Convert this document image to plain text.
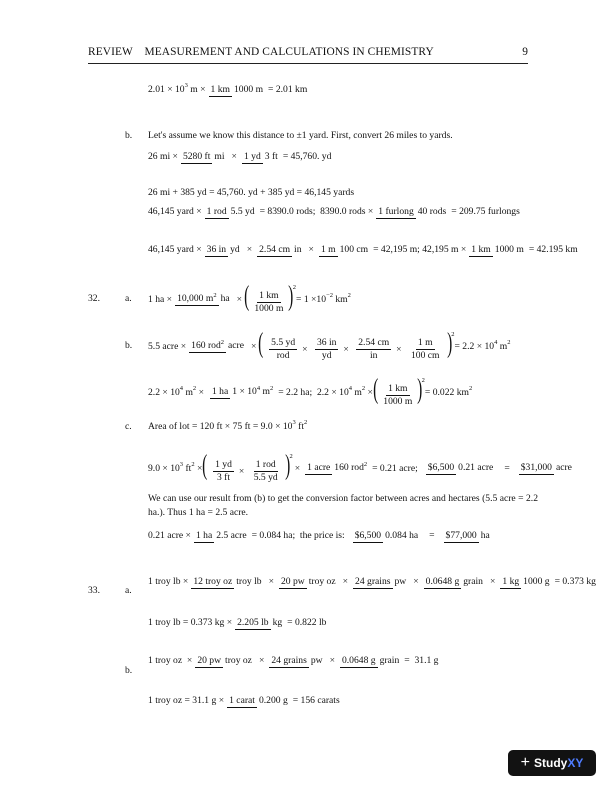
REVIEW    MEASUREMENT AND CALCULATIONS IN CHEMISTRY	9
2.01 × 10 3 m × 1 km 1000 m = 2.01 km
b. Let's assume we know this distance to ±1 yard. First, convert 26 miles to yards.
26 mi × 5280 ft mi × 1 yd 3 ft = 45,760. yd
26 mi + 385 yd = 45,760. yd + 385 yd = 46,145 yards
46,145 yard × 1 rod 5.5 yd = 8390.0 rods;  8390.0 rods × 1 furlong 40 rods = 209.75 furlongs
46,145 yard × 36 in yd × 2.54 cm in × 1 m 100 cm = 42,195 m; 42,195 m × 1 km 1000 m = 42.195 km
32.	a. 1 ha × 10,000 $m^2$ ha × ( $\frac{1 km}{1000 m} )^2$
= 1 ×10 −2 km 2
b. 5.5 acre × 160 rod$^2$ acre × ( $\frac{5.5 yd}{\text{rod}} \times \frac{36 in}{yd} \times \frac{2.54 cm}{in} \times \frac{1 m}{100 cm} )^2$
= 2.2 × 10 4 m 2
2.2 × 10 4 m 2 × 1 ha $1 \times 10^4$ $m^2 = 2.2$ ha;  2.2 × 10 4 m 2 × ( $\frac{1 km}{1000 m} )^2$
= 0.022 km 2
c. Area of lot = 120 ft × 75 ft = 9.0 × 10 3 ft 2
9.0 × 10 3 ft 2 × ( $\frac{1 yd}{3 ft} \times \frac{\text{1 rod}}{5.5 yd} )^2$
× 1 acre 160 rod$^2$ = 0.21 acre; $6,500 0.21 acre = $31,000 acre
We can use our result from (b) to get the conversion factor between acres and hectares (5.5 acre = 2.2 ha.). Thus 1 ha = 2.5 acre.
0.21 acre × 1 ha 2.5 acre = 0.084 ha;  the price is: $6,500 0.084 ha = $77,000 ha
33.	a.
1 troy lb × 12 troy oz troy lb × 20 pw troy oz × 24 grains pw × 0.0648 g grain × 1 kg 1000 g = 0.373 kg
1 troy lb = 0.373 kg × 2.205 lb kg = 0.822 lb
b.
1 troy oz  × 20 pw troy oz × 24 grains pw × 0.0648 g grain =  31.1 g
1 troy oz = 31.1 g × 1 carat 0.200 g = 156 carats
+ Study XY
